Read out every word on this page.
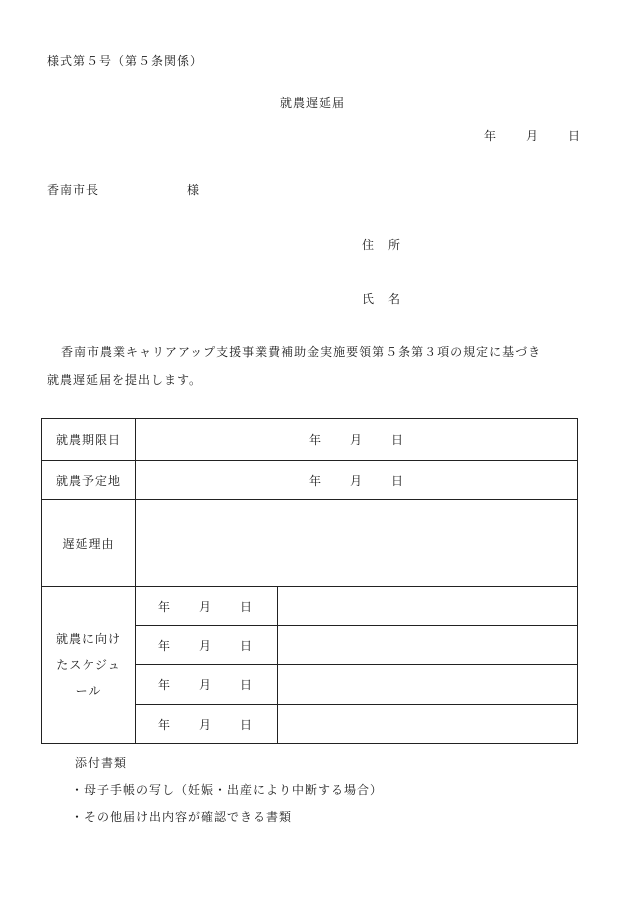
様式第５号（第５条関係）
就農遅延届
年 月 日
香南市長	様
住　所
氏　名
香南市農業キャリアアップ支援事業費補助金実施要領第５条第３項の規定に基づき
就農遅延届を提出します。
就農期限日	年 月 日	
就農予定地	年 月 日	
遅延理由		

就農に向け
たスケジュ
ール	年 月 日	
	年 月 日	
	年 月 日	
	年 月 日	
添付書類
・母子手帳の写し（妊娠・出産により中断する場合）
・その他届け出内容が確認できる書類
